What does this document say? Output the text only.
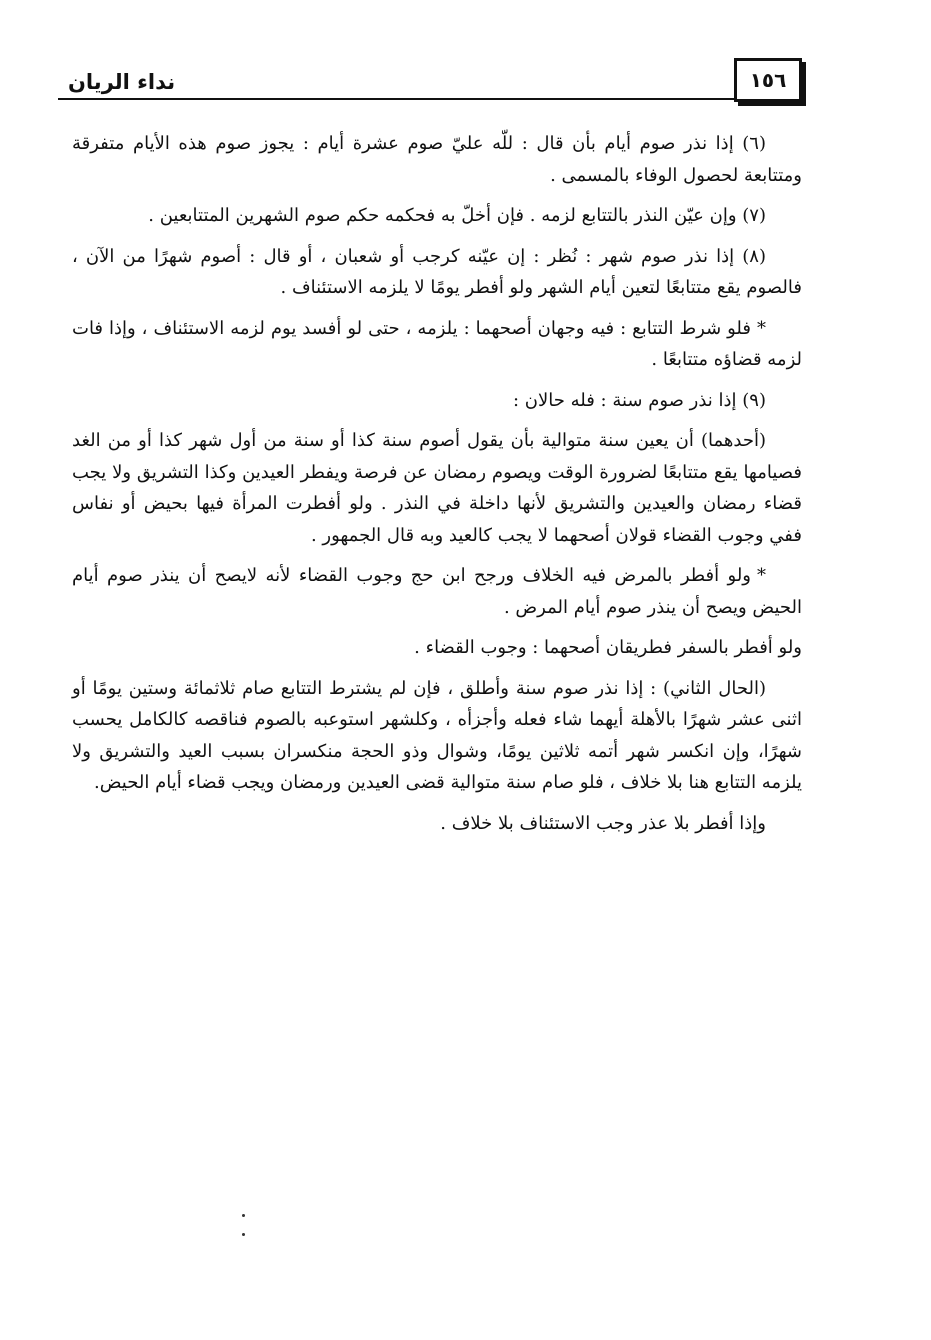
نداء الريان	١٥٦

(٦) إذا نذر صوم أيام بأن قال : للّه عليّ صوم عشرة أيام : يجوز صوم هذه الأيام متفرقة ومتتابعة لحصول الوفاء بالمسمى .

(٧) وإن عيّن النذر بالتتابع لزمه . فإن أخلّ به فحكمه حكم صوم الشهرين المتتابعين .

(٨) إذا نذر صوم شهر : نُظر : إن عيّنه كرجب أو شعبان ، أو قال : أصوم شهرًا من الآن ، فالصوم يقع متتابعًا لتعين أيام الشهر ولو أفطر يومًا لا يلزمه الاستئناف .

*فلو شرط التتابع : فيه وجهان أصحهما : يلزمه ، حتى لو أفسد يوم لزمه الاستئناف ، وإذا فات لزمه قضاؤه متتابعًا .

(٩) إذا نذر صوم سنة : فله حالان :

(أحدهما) أن يعين سنة متوالية بأن يقول أصوم سنة كذا أو سنة من أول شهر كذا أو من الغد فصيامها يقع متتابعًا لضرورة الوقت ويصوم رمضان عن فرصة ويفطر العيدين وكذا التشريق ولا يجب قضاء رمضان والعيدين والتشريق لأنها داخلة في النذر . ولو أفطرت المرأة فيها بحيض أو نفاس ففي وجوب القضاء قولان أصحهما لا يجب كالعيد وبه قال الجمهور .

*ولو أفطر بالمرض فيه الخلاف ورجح ابن حج وجوب القضاء لأنه لايصح أن ينذر صوم أيام الحيض ويصح أن ينذر صوم أيام المرض .

ولو أفطر بالسفر فطريقان أصحهما : وجوب القضاء .

(الحال الثاني) : إذا نذر صوم سنة وأطلق ، فإن لم يشترط التتابع صام ثلاثمائة وستين يومًا أو اثنى عشر شهرًا بالأهلة أيهما شاء فعله وأجزأه ، وكلشهر استوعبه بالصوم فناقصه كالكامل يحسب شهرًا، وإن انكسر شهر أتمه ثلاثين يومًا، وشوال وذو الحجة منكسران بسبب العيد والتشريق ولا يلزمه التتابع هنا بلا خلاف ، فلو صام سنة متوالية قضى العيدين ورمضان ويجب قضاء أيام الحيض.

وإذا أفطر بلا عذر وجب الاستئناف بلا خلاف .
